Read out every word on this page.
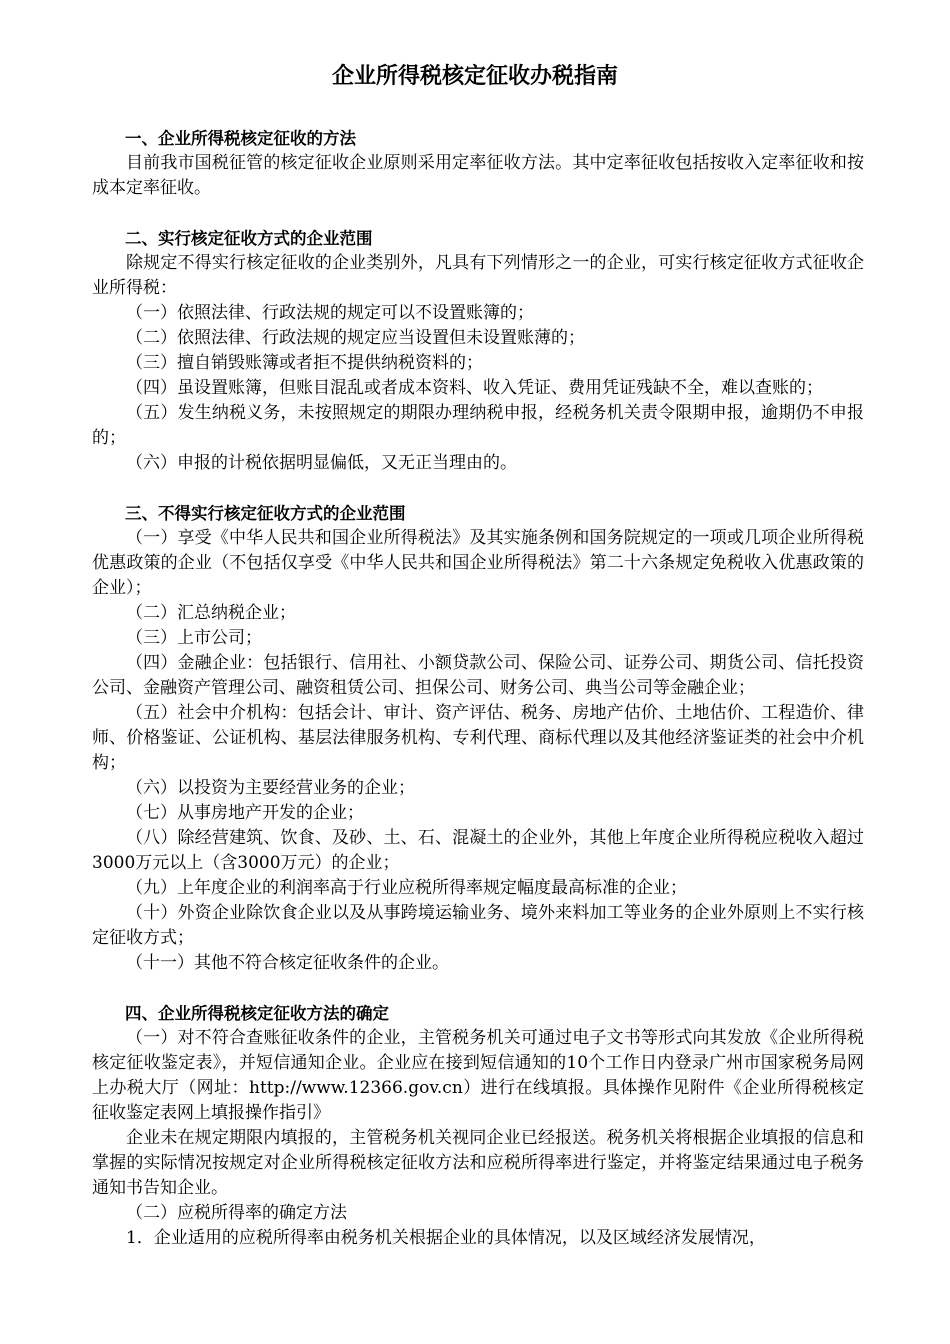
企业所得税核定征收办税指南
一、企业所得税核定征收的方法

目前我市国税征管的核定征收企业原则采用定率征收方法。其中定率征收包括按收入定率征收和按成本定率征收。

二、实行核定征收方式的企业范围

除规定不得实行核定征收的企业类别外，凡具有下列情形之一的企业，可实行核定征收方式征收企业所得税：

（一）依照法律、行政法规的规定可以不设置账簿的；

（二）依照法律、行政法规的规定应当设置但未设置账薄的；

（三）擅自销毁账簿或者拒不提供纳税资料的；

（四）虽设置账簿，但账目混乱或者成本资料、收入凭证、费用凭证残缺不全，难以查账的；

（五）发生纳税义务，未按照规定的期限办理纳税申报，经税务机关责令限期申报，逾期仍不申报的；

（六）申报的计税依据明显偏低，又无正当理由的。

三、不得实行核定征收方式的企业范围

（一）享受《中华人民共和国企业所得税法》及其实施条例和国务院规定的一项或几项企业所得税优惠政策的企业（不包括仅享受《中华人民共和国企业所得税法》第二十六条规定免税收入优惠政策的企业）；

（二）汇总纳税企业；

（三）上市公司；

（四）金融企业：包括银行、信用社、小额贷款公司、保险公司、证券公司、期货公司、信托投资公司、金融资产管理公司、融资租赁公司、担保公司、财务公司、典当公司等金融企业；

（五）社会中介机构：包括会计、审计、资产评估、税务、房地产估价、土地估价、工程造价、律师、价格鉴证、公证机构、基层法律服务机构、专利代理、商标代理以及其他经济鉴证类的社会中介机构；

（六）以投资为主要经营业务的企业；

（七）从事房地产开发的企业；

（八）除经营建筑、饮食、及砂、土、石、混凝土的企业外，其他上年度企业所得税应税收入超过3000万元以上（含3000万元）的企业；

（九）上年度企业的利润率高于行业应税所得率规定幅度最高标准的企业；

（十）外资企业除饮食企业以及从事跨境运输业务、境外来料加工等业务的企业外原则上不实行核定征收方式；

（十一）其他不符合核定征收条件的企业。

四、企业所得税核定征收方法的确定

（一）对不符合查账征收条件的企业，主管税务机关可通过电子文书等形式向其发放《企业所得税核定征收鉴定表》，并短信通知企业。企业应在接到短信通知的10个工作日内登录广州市国家税务局网上办税大厅（网址：http://www.12366.gov.cn）进行在线填报。具体操作见附件《企业所得税核定征收鉴定表网上填报操作指引》

企业未在规定期限内填报的，主管税务机关视同企业已经报送。税务机关将根据企业填报的信息和掌握的实际情况按规定对企业所得税核定征收方法和应税所得率进行鉴定，并将鉴定结果通过电子税务通知书告知企业。

（二）应税所得率的确定方法

1．企业适用的应税所得率由税务机关根据企业的具体情况，以及区域经济发展情况，
